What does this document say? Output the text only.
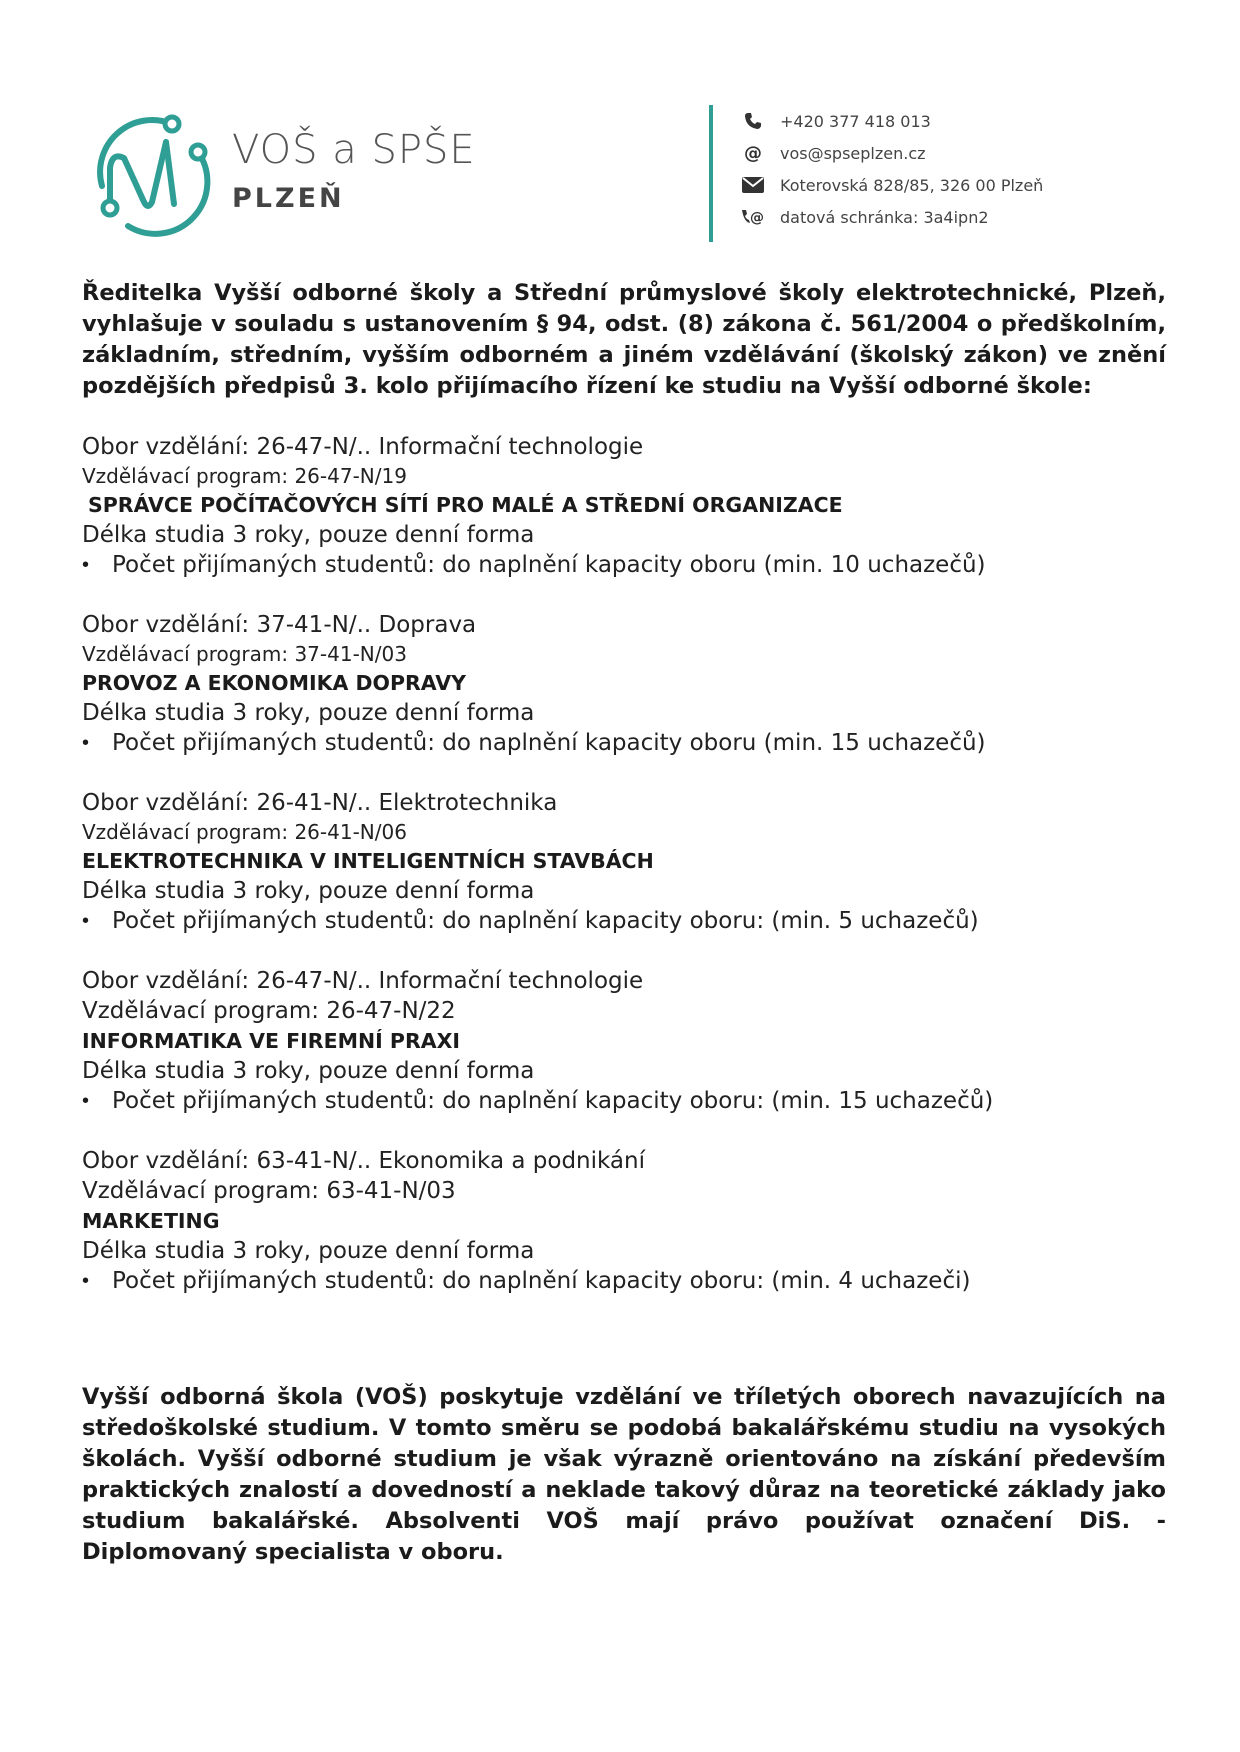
VOŠ a SPŠE
PLZEŇ
+420 377 418 013
@ vos@spseplzen.cz
Koterovská 828/85, 326 00 Plzeň
@ datová schránka: 3a4ipn2

Ředitelka Vyšší odborné školy a Střední průmyslové školy elektrotechnické, Plzeň, vyhlašuje v souladu s ustanovením § 94, odst. (8) zákona č. 561/2004 o předškolním, základním, středním, vyšším odborném a jiném vzdělávání (školský zákon) ve znění pozdějších předpisů 3. kolo přijímacího řízení ke studiu na Vyšší odborné škole:

Obor vzdělání: 26-47-N/.. Informační technologie
Vzdělávací program: 26-47-N/19
SPRÁVCE POČÍTAČOVÝCH SÍTÍ PRO MALÉ A STŘEDNÍ ORGANIZACE
Délka studia 3 roky, pouze denní forma
• Počet přijímaných studentů: do naplnění kapacity oboru (min. 10 uchazečů)
Obor vzdělání: 37-41-N/.. Doprava
Vzdělávací program: 37-41-N/03
PROVOZ A EKONOMIKA DOPRAVY
Délka studia 3 roky, pouze denní forma
• Počet přijímaných studentů: do naplnění kapacity oboru (min. 15 uchazečů)
Obor vzdělání: 26-41-N/.. Elektrotechnika
Vzdělávací program: 26-41-N/06
ELEKTROTECHNIKA V INTELIGENTNÍCH STAVBÁCH
Délka studia 3 roky, pouze denní forma
• Počet přijímaných studentů: do naplnění kapacity oboru: (min. 5 uchazečů)
Obor vzdělání: 26-47-N/.. Informační technologie
Vzdělávací program: 26-47-N/22
INFORMATIKA VE FIREMNÍ PRAXI
Délka studia 3 roky, pouze denní forma
• Počet přijímaných studentů: do naplnění kapacity oboru: (min. 15 uchazečů)
Obor vzdělání: 63-41-N/.. Ekonomika a podnikání
Vzdělávací program: 63-41-N/03
MARKETING
Délka studia 3 roky, pouze denní forma
• Počet přijímaných studentů: do naplnění kapacity oboru: (min. 4 uchazeči)

Vyšší odborná škola (VOŠ) poskytuje vzdělání ve tříletých oborech navazujících na středoškolské studium. V tomto směru se podobá bakalářskému studiu na vysokých školách. Vyšší odborné studium je však výrazně orientováno na získání především praktických znalostí a dovedností a neklade takový důraz na teoretické základy jako studium bakalářské. Absolventi VOŠ mají právo používat označení DiS. - Diplomovaný specialista v oboru.
